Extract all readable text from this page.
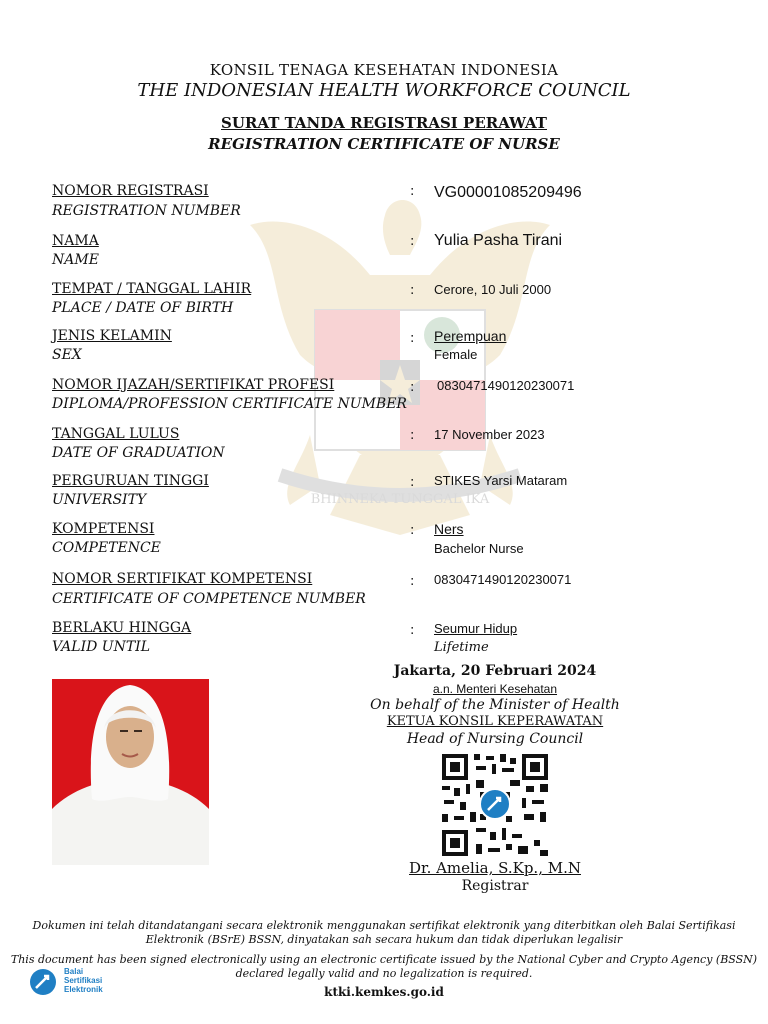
BHINNEKA TUNGGAL IKA
KONSIL TENAGA KESEHATAN INDONESIA
THE INDONESIAN HEALTH WORKFORCE COUNCIL
SURAT TANDA REGISTRASI PERAWAT
REGISTRATION CERTIFICATE OF NURSE
NOMOR REGISTRASI
REGISTRATION NUMBER
: VG00001085209496
NAMA
NAME
: Yulia Pasha Tirani
TEMPAT / TANGGAL LAHIR
PLACE / DATE OF BIRTH
: Cerore, 10 Juli 2000
JENIS KELAMIN
SEX
: Perempuan
Female
NOMOR IJAZAH/SERTIFIKAT PROFESI
DIPLOMA/PROFESSION CERTIFICATE NUMBER
: 0830471490120230071
TANGGAL LULUS
DATE OF GRADUATION
: 17 November 2023
PERGURUAN TINGGI
UNIVERSITY
: STIKES Yarsi Mataram
KOMPETENSI
COMPETENCE
: Ners
Bachelor Nurse
NOMOR SERTIFIKAT KOMPETENSI
CERTIFICATE OF COMPETENCE NUMBER
: 0830471490120230071
BERLAKU HINGGA
VALID UNTIL
: Seumur Hidup
Lifetime
Jakarta, 20 Februari 2024
a.n. Menteri Kesehatan
On behalf of the Minister of Health
KETUA KONSIL KEPERAWATAN
Head of Nursing Council
Dr. Amelia, S.Kp., M.N
Registrar
Dokumen ini telah ditandatangani secara elektronik menggunakan sertifikat elektronik yang diterbitkan oleh Balai Sertifikasi Elektronik (BSrE) BSSN, dinyatakan sah secara hukum dan tidak diperlukan legalisir
This document has been signed electronically using an electronic certificate issued by the National Cyber and Crypto Agency (BSSN) declared legally valid and no legalization is required.
Balai
Sertifikasi
Elektronik	ktki.kemkes.go.id
